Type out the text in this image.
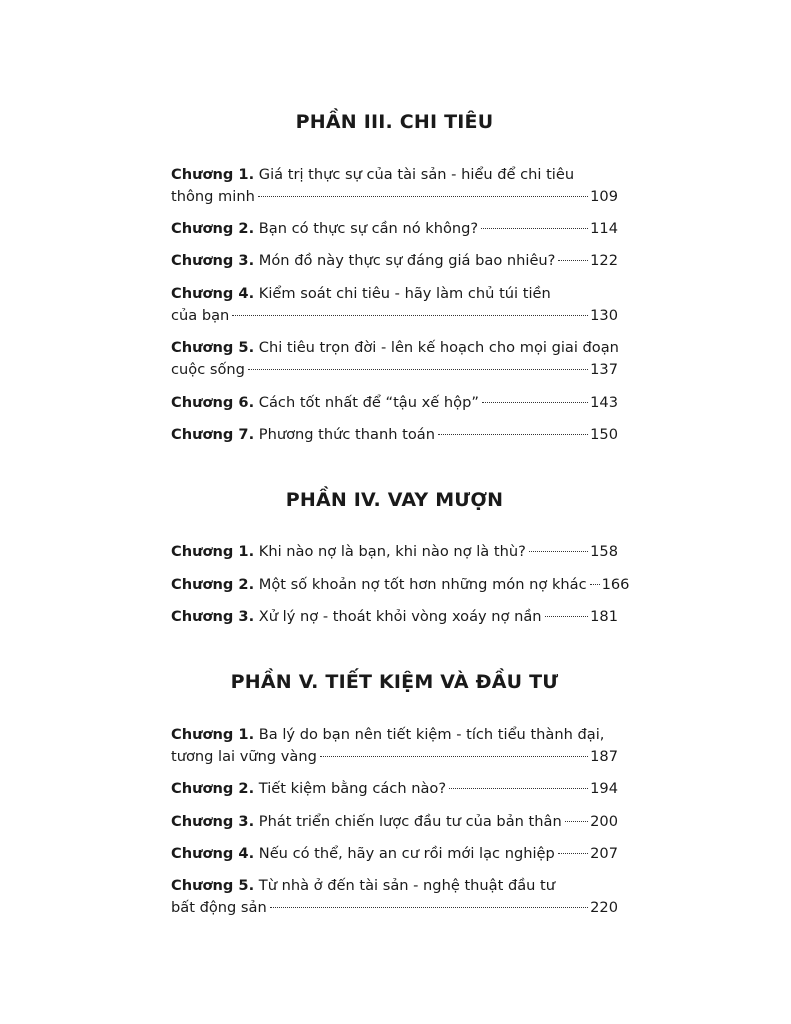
PHẦN III. CHI TIÊU
Chương 1. Giá trị thực sự của tài sản - hiểu để chi tiêu
thông minh	109
Chương 2.
Bạn có thực sự cần nó không?	114
Chương 3.
Món đồ này thực sự đáng giá bao nhiêu? 122
Chương 4. Kiểm soát chi tiêu - hãy làm chủ túi tiền
của bạn	130
Chương 5. Chi tiêu trọn đời - lên kế hoạch cho mọi giai đoạn
cuộc sống	137
Chương 6.
Cách tốt nhất để “tậu xế hộp”	143
Chương 7.
Phương thức thanh toán	150
PHẦN IV. VAY MƯỢN
Chương 1.
Khi nào nợ là bạn, khi nào nợ là thù?	158
Chương 2.
Một số khoản nợ tốt hơn những món nợ khác 166
Chương 3.
Xử lý nợ - thoát khỏi vòng xoáy nợ nần	181
PHẦN V. TIẾT KIỆM VÀ ĐẦU TƯ
Chương 1. Ba lý do bạn nên tiết kiệm - tích tiểu thành đại,
tương lai vững vàng	187
Chương 2.
Tiết kiệm bằng cách nào?	194
Chương 3.
Phát triển chiến lược đầu tư của bản thân 200
Chương 4.
Nếu có thể, hãy an cư rồi mới lạc nghiệp 207
Chương 5. Từ nhà ở đến tài sản - nghệ thuật đầu tư
bất động sản	220
